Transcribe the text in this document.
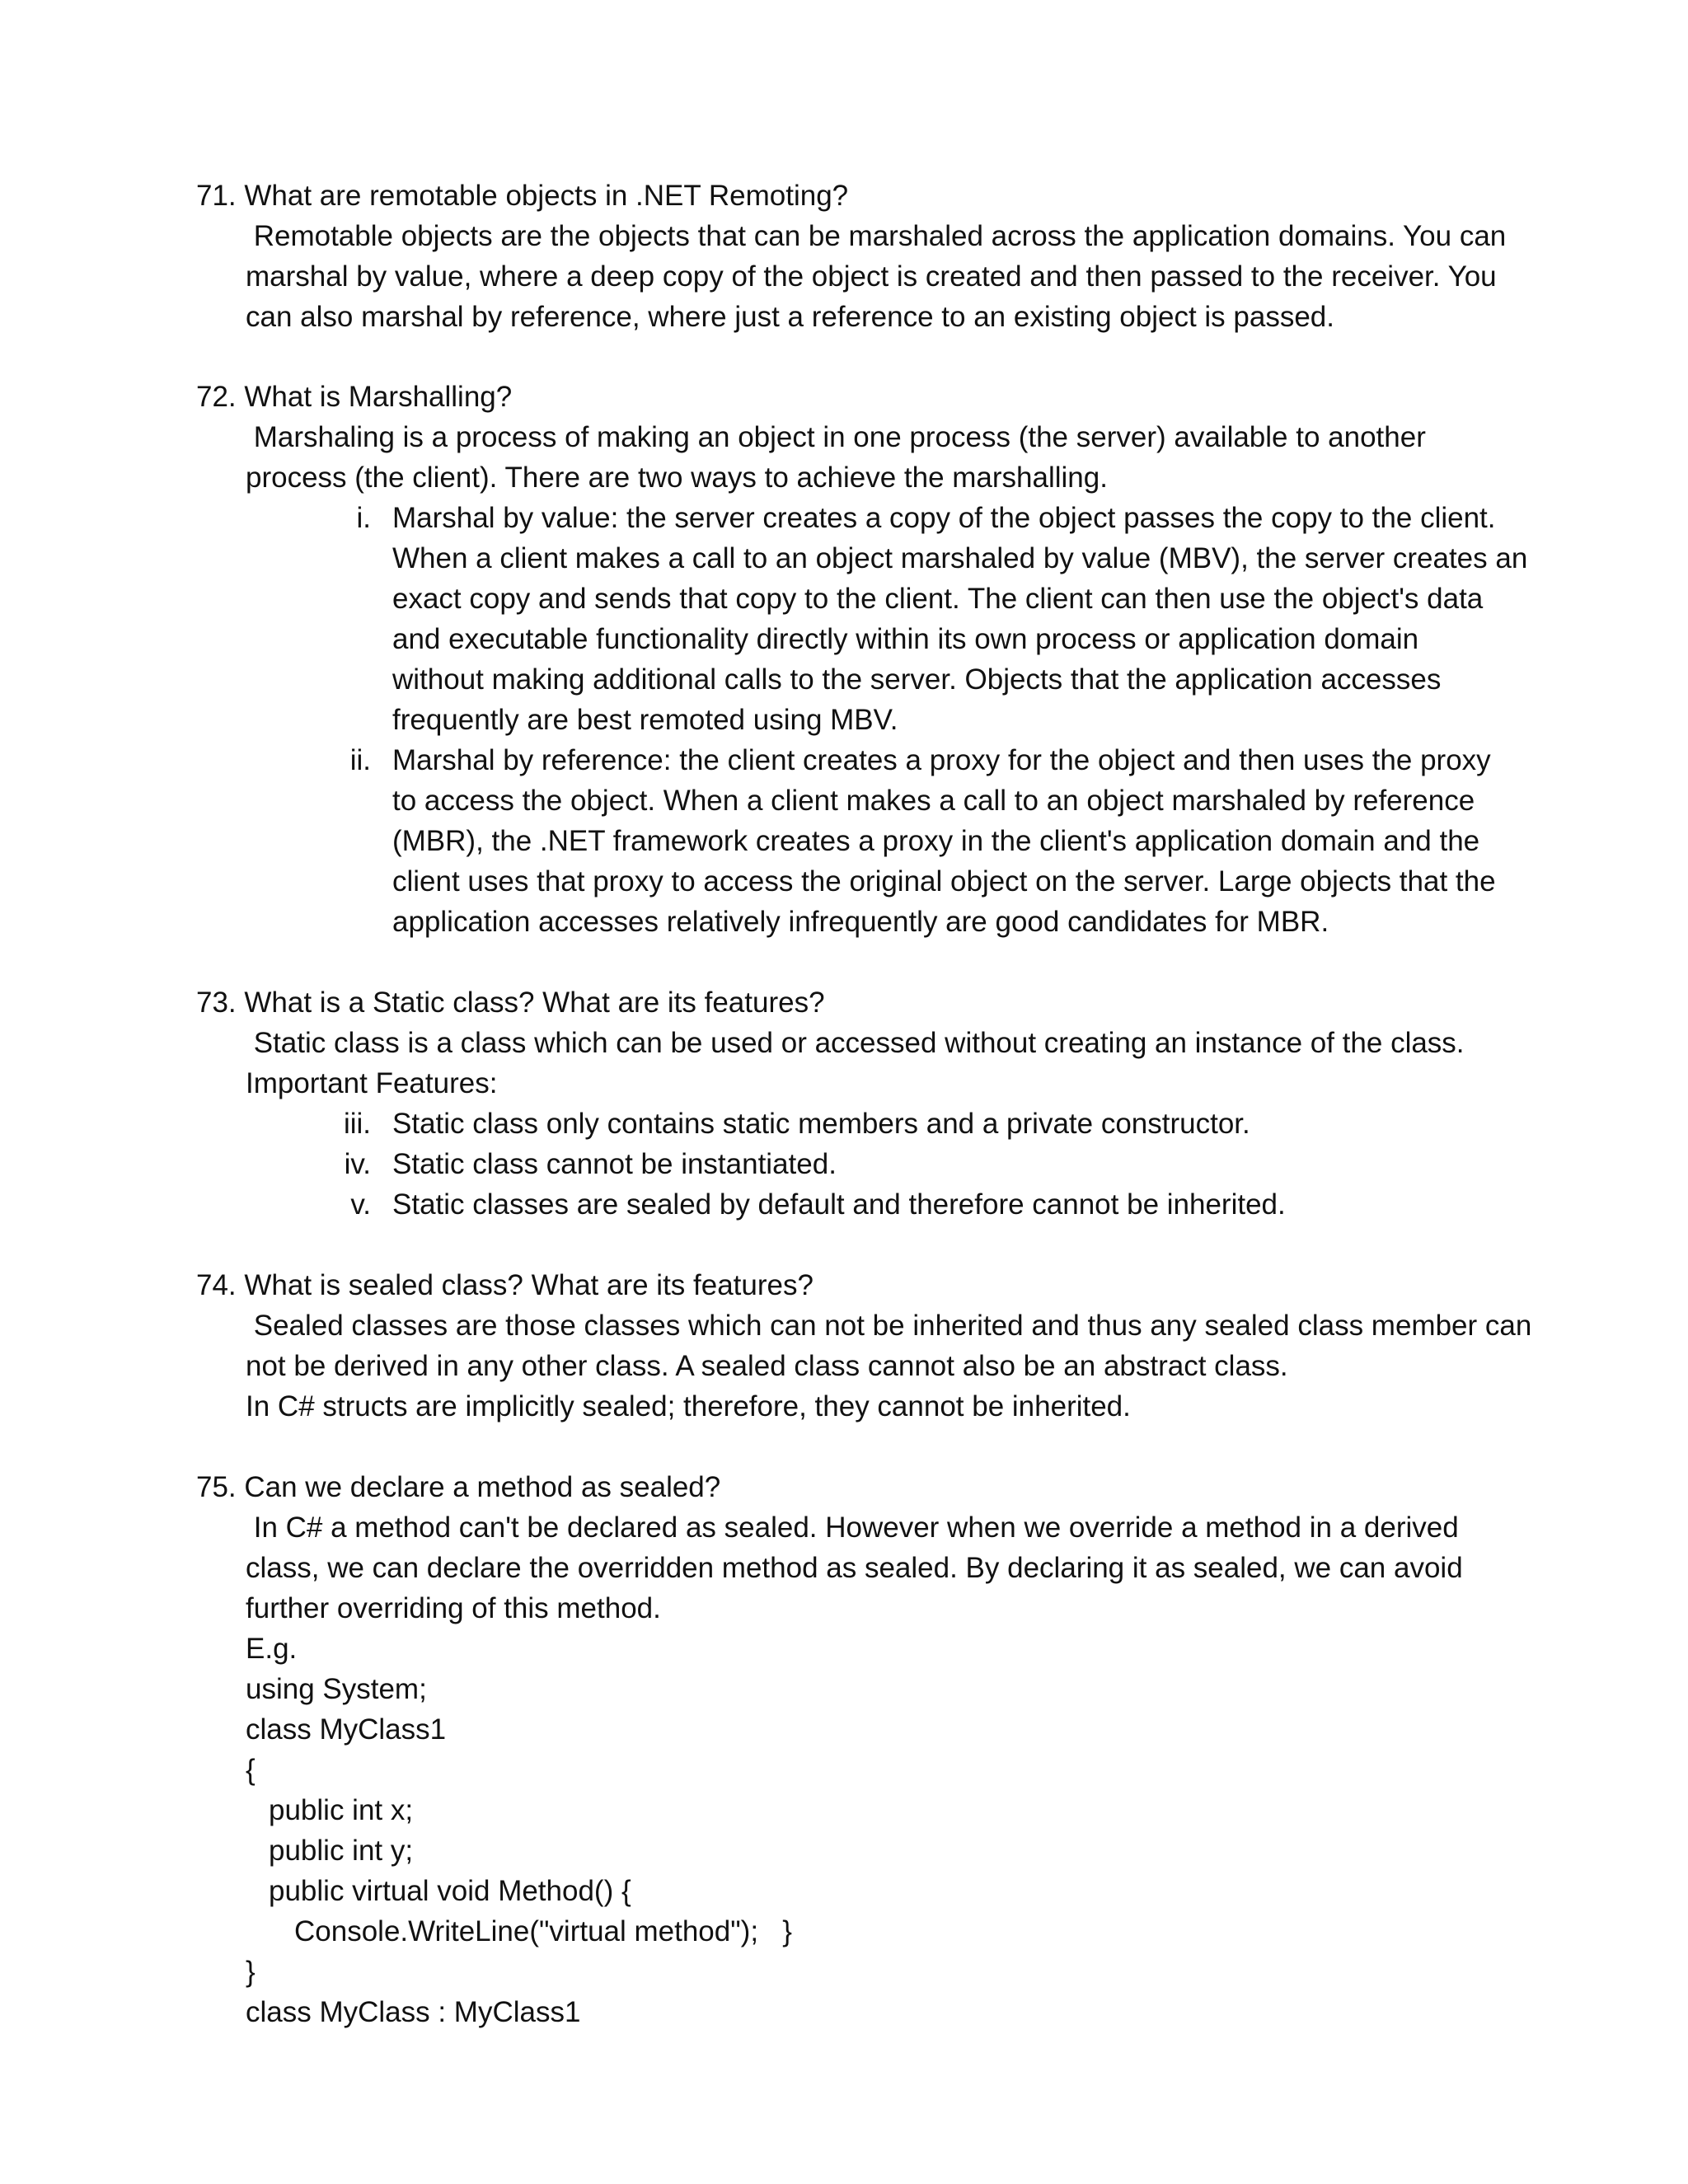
71. What are remotable objects in .NET Remoting?
Remotable objects are the objects that can be marshaled across the application domains. You can
marshal by value, where a deep copy of the object is created and then passed to the receiver. You
can also marshal by reference, where just a reference to an existing object is passed.
72. What is Marshalling?
Marshaling is a process of making an object in one process (the server) available to another
process (the client). There are two ways to achieve the marshalling.
i. Marshal by value: the server creates a copy of the object passes the copy to the client.
When a client makes a call to an object marshaled by value (MBV), the server creates an
exact copy and sends that copy to the client. The client can then use the object's data
and executable functionality directly within its own process or application domain
without making additional calls to the server. Objects that the application accesses
frequently are best remoted using MBV.
ii. Marshal by reference: the client creates a proxy for the object and then uses the proxy
to access the object. When a client makes a call to an object marshaled by reference
(MBR), the .NET framework creates a proxy in the client's application domain and the
client uses that proxy to access the original object on the server. Large objects that the
application accesses relatively infrequently are good candidates for MBR.
73. What is a Static class? What are its features?
Static class is a class which can be used or accessed without creating an instance of the class.
Important Features:
iii. Static class only contains static members and a private constructor.
iv. Static class cannot be instantiated.
v. Static classes are sealed by default and therefore cannot be inherited.
74. What is sealed class? What are its features?
Sealed classes are those classes which can not be inherited and thus any sealed class member can
not be derived in any other class. A sealed class cannot also be an abstract class.
In C# structs are implicitly sealed; therefore, they cannot be inherited.
75. Can we declare a method as sealed?
In C# a method can't be declared as sealed. However when we override a method in a derived
class, we can declare the overridden method as sealed. By declaring it as sealed, we can avoid
further overriding of this method.
E.g.
using System;
class MyClass1
{
public int x;
public int y;
public virtual void Method() {
Console.WriteLine("virtual method");   }
}
class MyClass : MyClass1
